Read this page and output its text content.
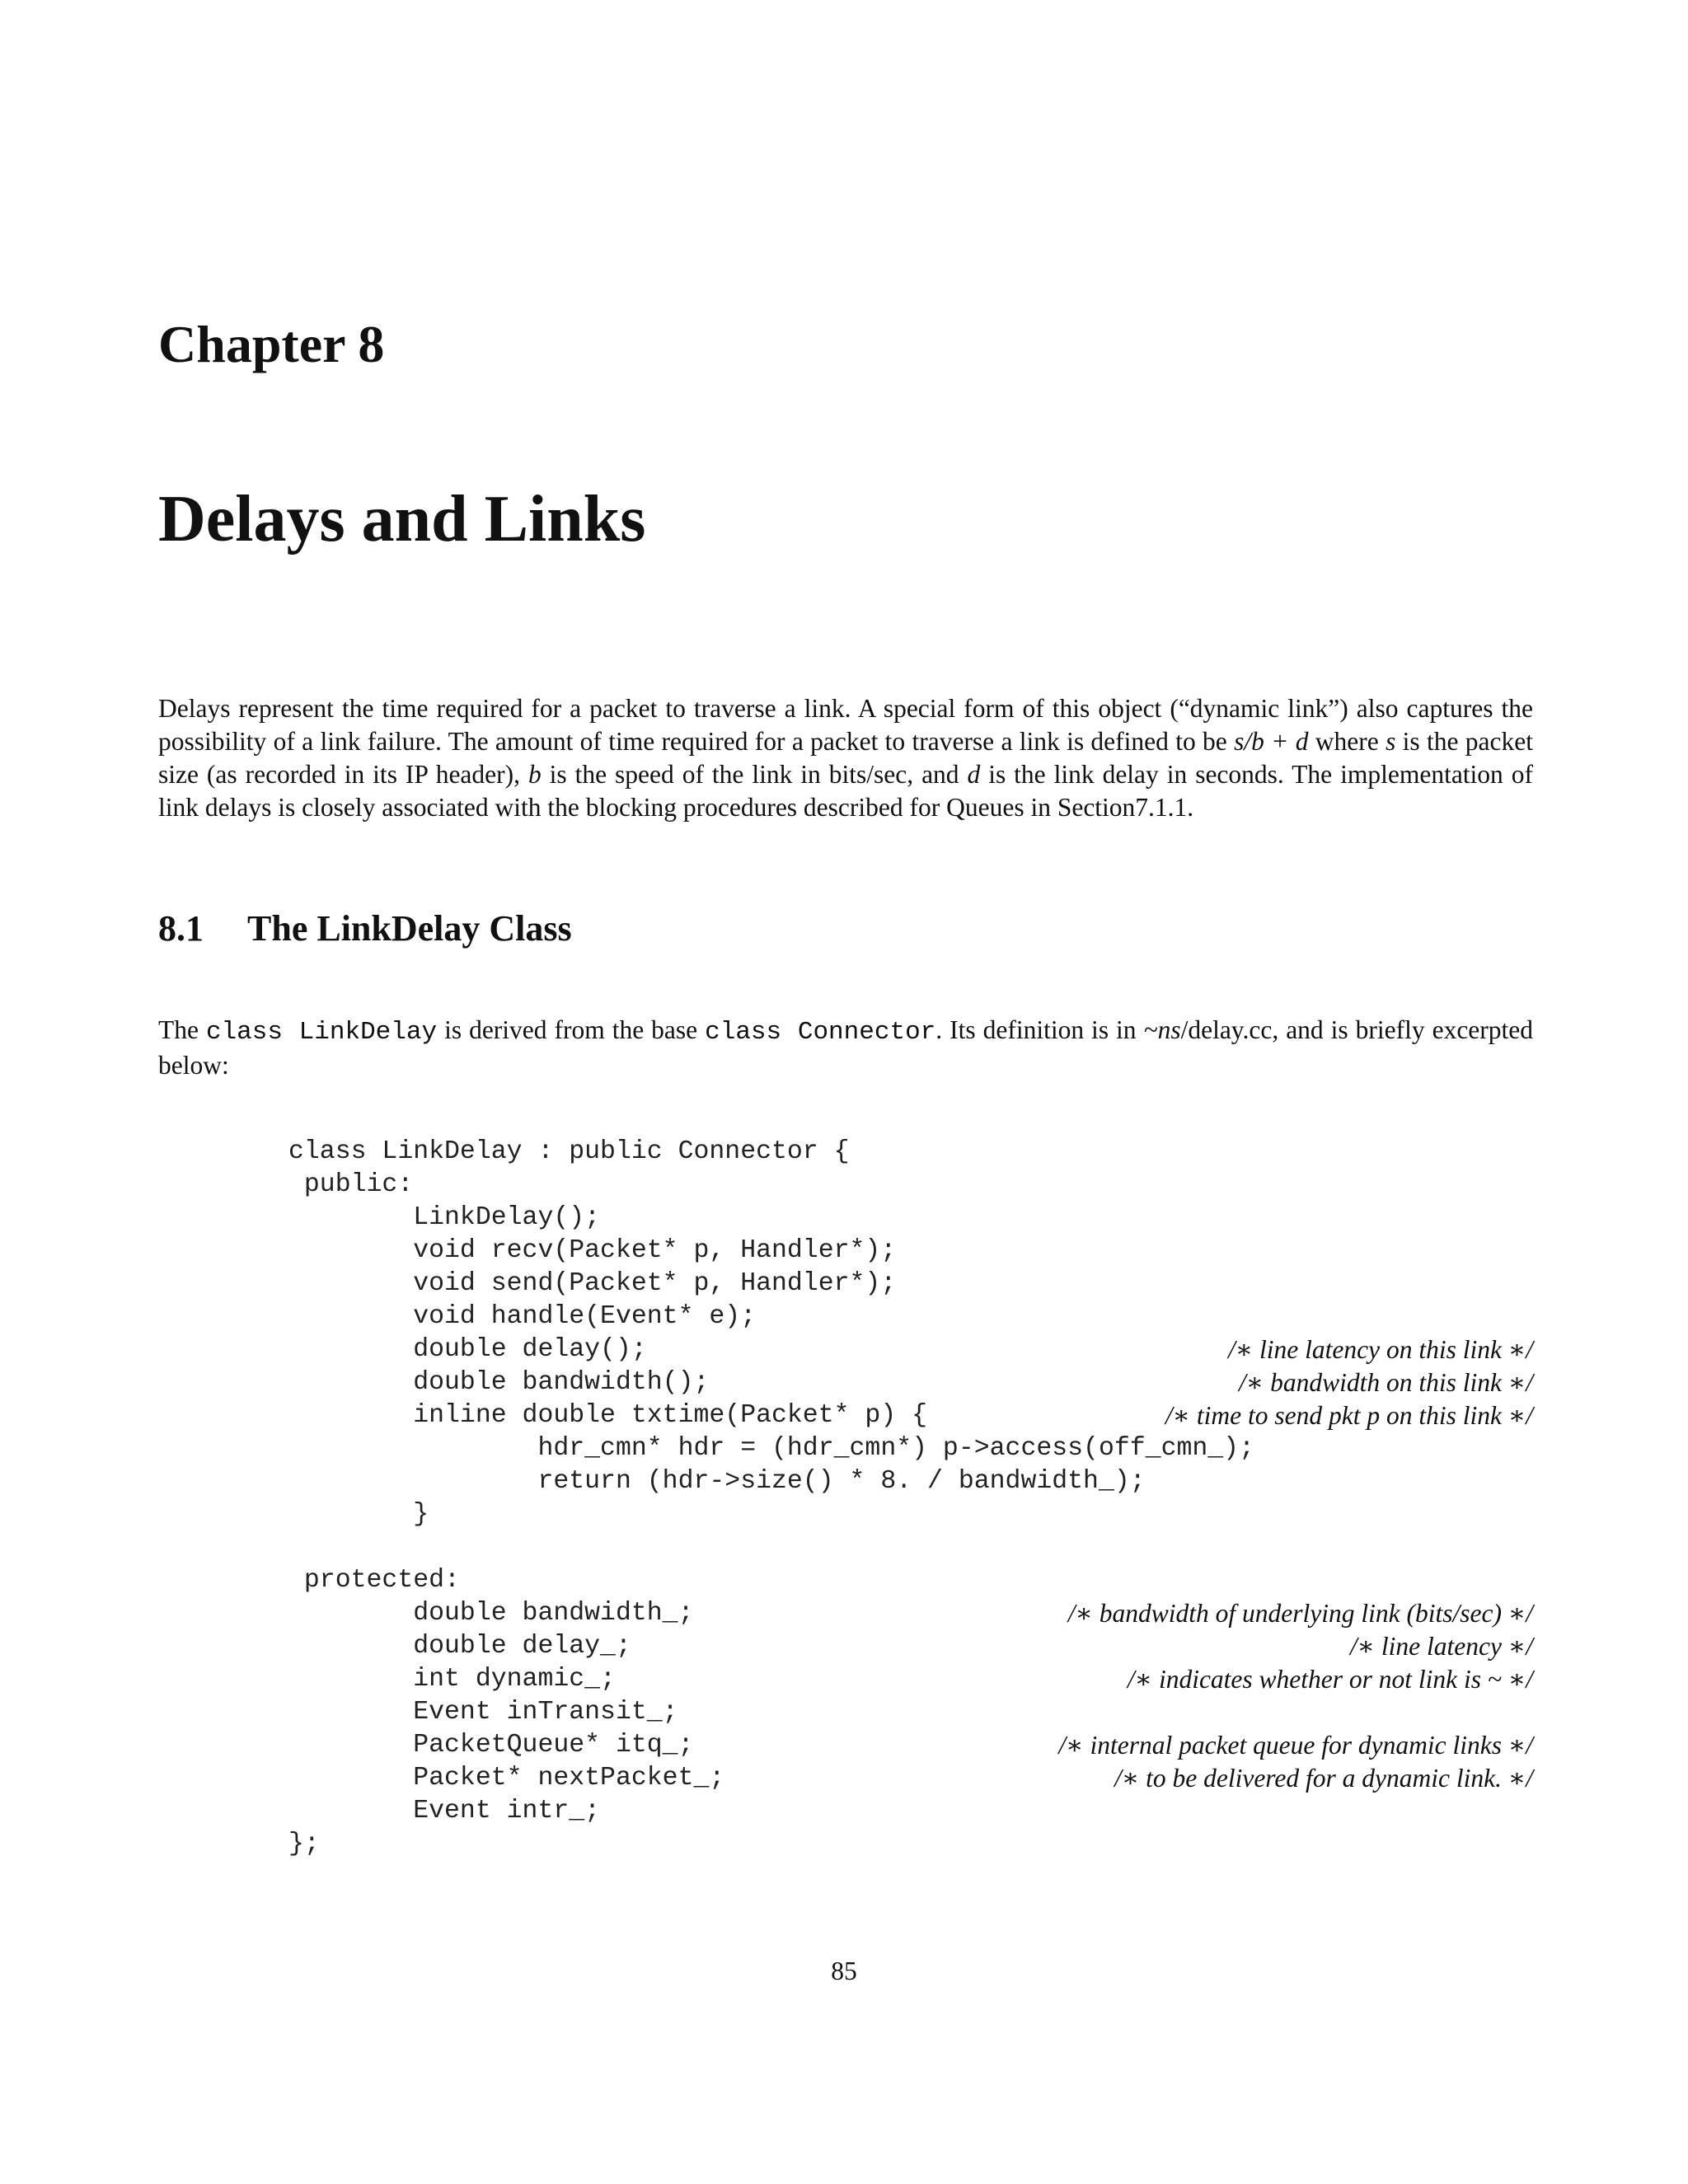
Chapter 8
Delays and Links

Delays represent the time required for a packet to traverse a link. A special form of this object (“dynamic link”) also captures the possibility of a link failure. The amount of time required for a packet to traverse a link is defined to be s/b + d where s is the packet size (as recorded in its IP header), b is the speed of the link in bits/sec, and d is the link delay in seconds. The implementation of link delays is closely associated with the blocking procedures described for Queues in Section7.1.1.

8.1 The LinkDelay Class

The class LinkDelay is derived from the base class Connector. Its definition is in ~ns/delay.cc, and is briefly excerpted below:

class LinkDelay : public Connector {
public:
LinkDelay();
void recv(Packet* p, Handler*);
void send(Packet* p, Handler*);
void handle(Event* e);
double delay();	/∗ line latency on this link ∗/
double bandwidth();	/∗ bandwidth on this link ∗/
inline double txtime(Packet* p) {	/∗ time to send pkt p on this link ∗/
hdr_cmn* hdr = (hdr_cmn*) p->access(off_cmn_);
return (hdr->size() * 8. / bandwidth_);
}
protected:
double bandwidth_;	/∗ bandwidth of underlying link (bits/sec) ∗/
double delay_;	/∗ line latency ∗/
int dynamic_;	/∗ indicates whether or not link is ~ ∗/
Event inTransit_;
PacketQueue* itq_;	/∗ internal packet queue for dynamic links ∗/
Packet* nextPacket_;	/∗ to be delivered for a dynamic link. ∗/
Event intr_;
};

85
